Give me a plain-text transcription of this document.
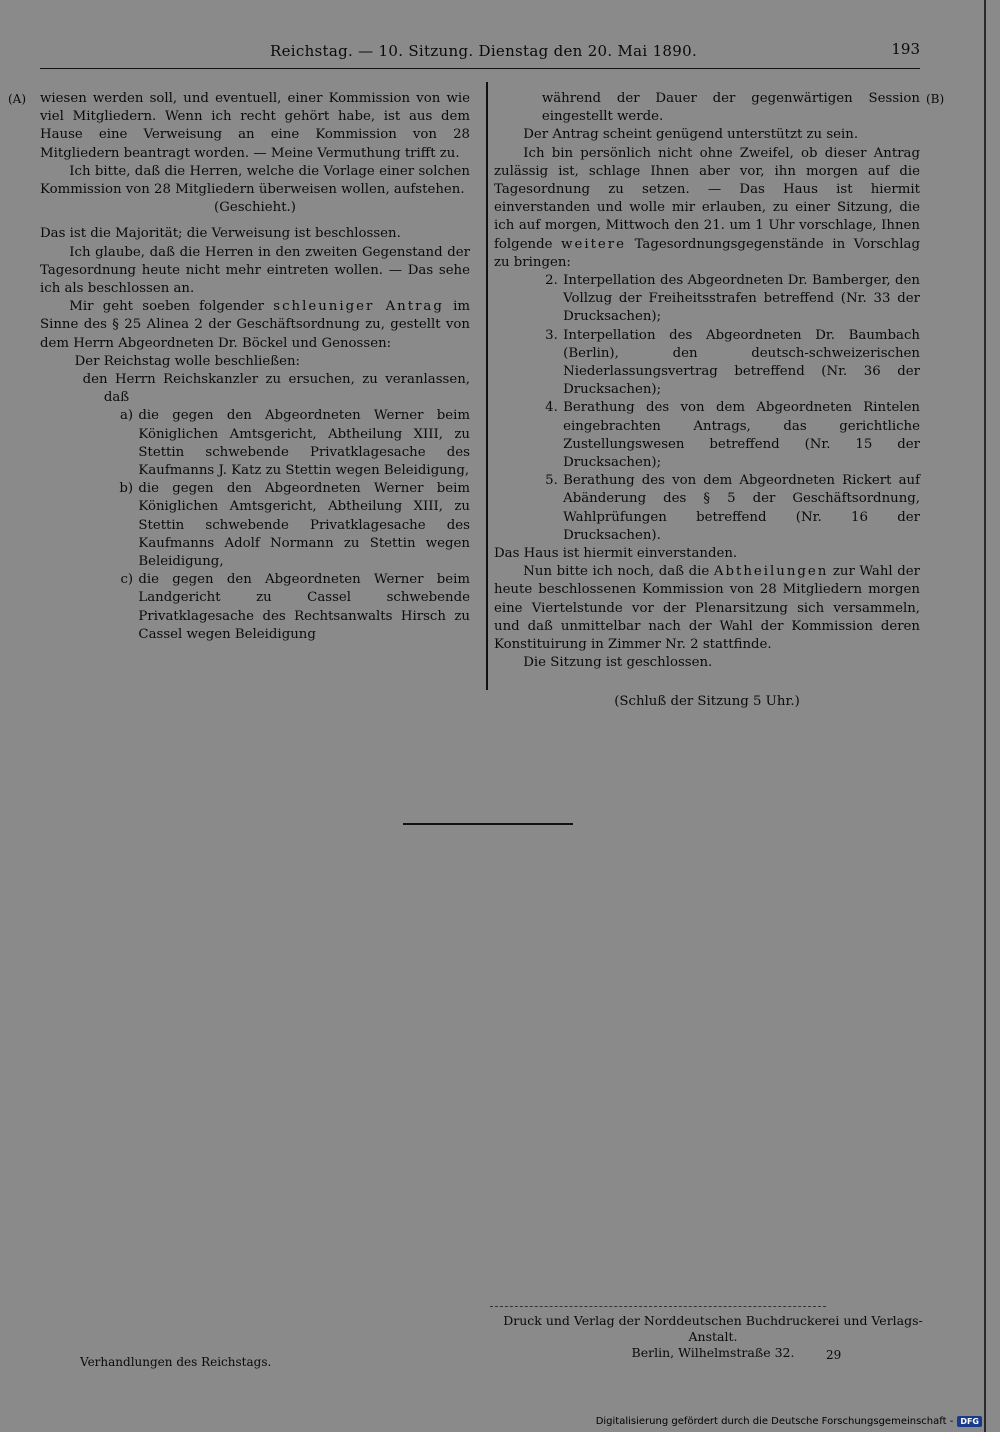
Reichstag. — 10. Sitzung. Dienstag den 20. Mai 1890.	193
(A)	(B)

wiesen werden soll, und eventuell, einer Kommission von wie viel Mitgliedern. Wenn ich recht gehört habe, ist aus dem Hause eine Verweisung an eine Kommission von 28 Mitgliedern beantragt worden. — Meine Vermuthung trifft zu.

Ich bitte, daß die Herren, welche die Vorlage einer solchen Kommission von 28 Mitgliedern überweisen wollen, aufstehen.

(Geschieht.)

Das ist die Majorität; die Verweisung ist beschlossen.

Ich glaube, daß die Herren in den zweiten Gegenstand der Tagesordnung heute nicht mehr eintreten wollen. — Das sehe ich als beschlossen an.

Mir geht soeben folgender schleuniger Antrag im Sinne des § 25 Alinea 2 der Geschäftsordnung zu, gestellt von dem Herrn Abgeordneten Dr. Böckel und Genossen:

Der Reichstag wolle beschließen:

den Herrn Reichskanzler zu ersuchen, zu veranlassen, daß

a) die gegen den Abgeordneten Werner beim Königlichen Amtsgericht, Abtheilung XIII, zu Stettin schwebende Privatklagesache des Kaufmanns J. Katz zu Stettin wegen Beleidigung,
b) die gegen den Abgeordneten Werner beim Königlichen Amtsgericht, Abtheilung XIII, zu Stettin schwebende Privatklagesache des Kaufmanns Adolf Normann zu Stettin wegen Beleidigung,
c) die gegen den Abgeordneten Werner beim Landgericht zu Cassel schwebende Privatklagesache des Rechtsanwalts Hirsch zu Cassel wegen Beleidigung

während der Dauer der gegenwärtigen Session eingestellt werde.

Der Antrag scheint genügend unterstützt zu sein.

Ich bin persönlich nicht ohne Zweifel, ob dieser Antrag zulässig ist, schlage Ihnen aber vor, ihn morgen auf die Tagesordnung zu setzen. — Das Haus ist hiermit einverstanden und wolle mir erlauben, zu einer Sitzung, die ich auf morgen, Mittwoch den 21. um 1 Uhr vorschlage, Ihnen folgende weitere Tagesordnungsgegenstände in Vorschlag zu bringen:

2. Interpellation des Abgeordneten Dr. Bamberger, den Vollzug der Freiheitsstrafen betreffend (Nr. 33 der Drucksachen);
3. Interpellation des Abgeordneten Dr. Baumbach (Berlin), den deutsch-schweizerischen Niederlassungsvertrag betreffend (Nr. 36 der Drucksachen);
4. Berathung des von dem Abgeordneten Rintelen eingebrachten Antrags, das gerichtliche Zustellungswesen betreffend (Nr. 15 der Drucksachen);
5. Berathung des von dem Abgeordneten Rickert auf Abänderung des § 5 der Geschäftsordnung, Wahlprüfungen betreffend (Nr. 16 der Drucksachen).

Das Haus ist hiermit einverstanden.

Nun bitte ich noch, daß die Abtheilungen zur Wahl der heute beschlossenen Kommission von 28 Mitgliedern morgen eine Viertelstunde vor der Plenarsitzung sich versammeln, und daß unmittelbar nach der Wahl der Kommission deren Konstituirung in Zimmer Nr. 2 stattfinde.

Die Sitzung ist geschlossen.

(Schluß der Sitzung 5 Uhr.)

Druck und Verlag der Norddeutschen Buchdruckerei und Verlags-Anstalt.
Berlin, Wilhelmstraße 32.
Verhandlungen des Reichstags.	29
Digitalisierung gefördert durch die Deutsche Forschungsgemeinschaft - DFG
